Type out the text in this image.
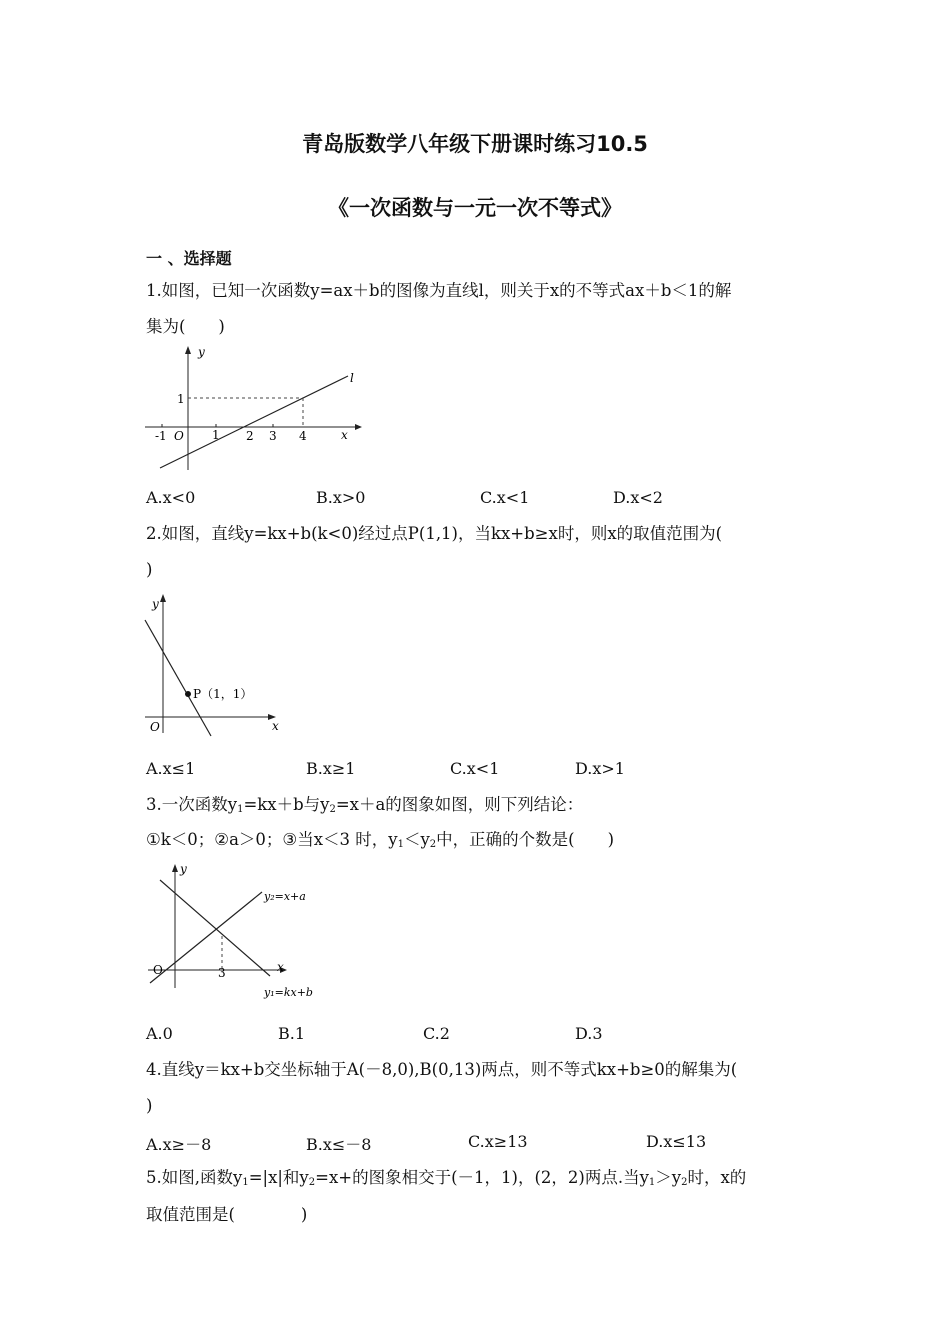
青岛版数学八年级下册课时练习10.5
《一次函数与一元一次不等式》
一 、选择题
1.如图，已知一次函数y=ax＋b的图像为直线l，则关于x的不等式ax＋b＜1的解
集为(　　)
y
x
l
O
-1	1 2 3 4
1
A.x<0	B.x>0	C.x<1	D.x<2
2.如图，直线y=kx+b(k<0)经过点P(1,1)，当kx+b≥x时，则x的取值范围为(
)
y
x
O
P（1，1）
A.x≤1	B.x≥1	C.x<1	D.x>1
3.一次函数$y_1=kx+b$与$y_2=x+a$的图象如图，则下列结论：
①k＜0；②a＞0；③当x＜3 时，$y_1<y_2$中，正确的个数是(　　)
y
x
O	3
y₂=x+a
y₁=kx+b
A.0	B.1	C.2	D.3
4.直线y＝kx+b交坐标轴于A(－8,0),B(0,13)两点，则不等式kx+b≥0的解集为(
)
A.x≥－8	B.x≤－8	C.x≥13	D.x≤13
5.如图,函数$y_1=|x|$和$y_2=x+$的图象相交于(－1，1)，(2，2)两点.当$y_1>y_2$时，x的
取值范围是(　　　　)
